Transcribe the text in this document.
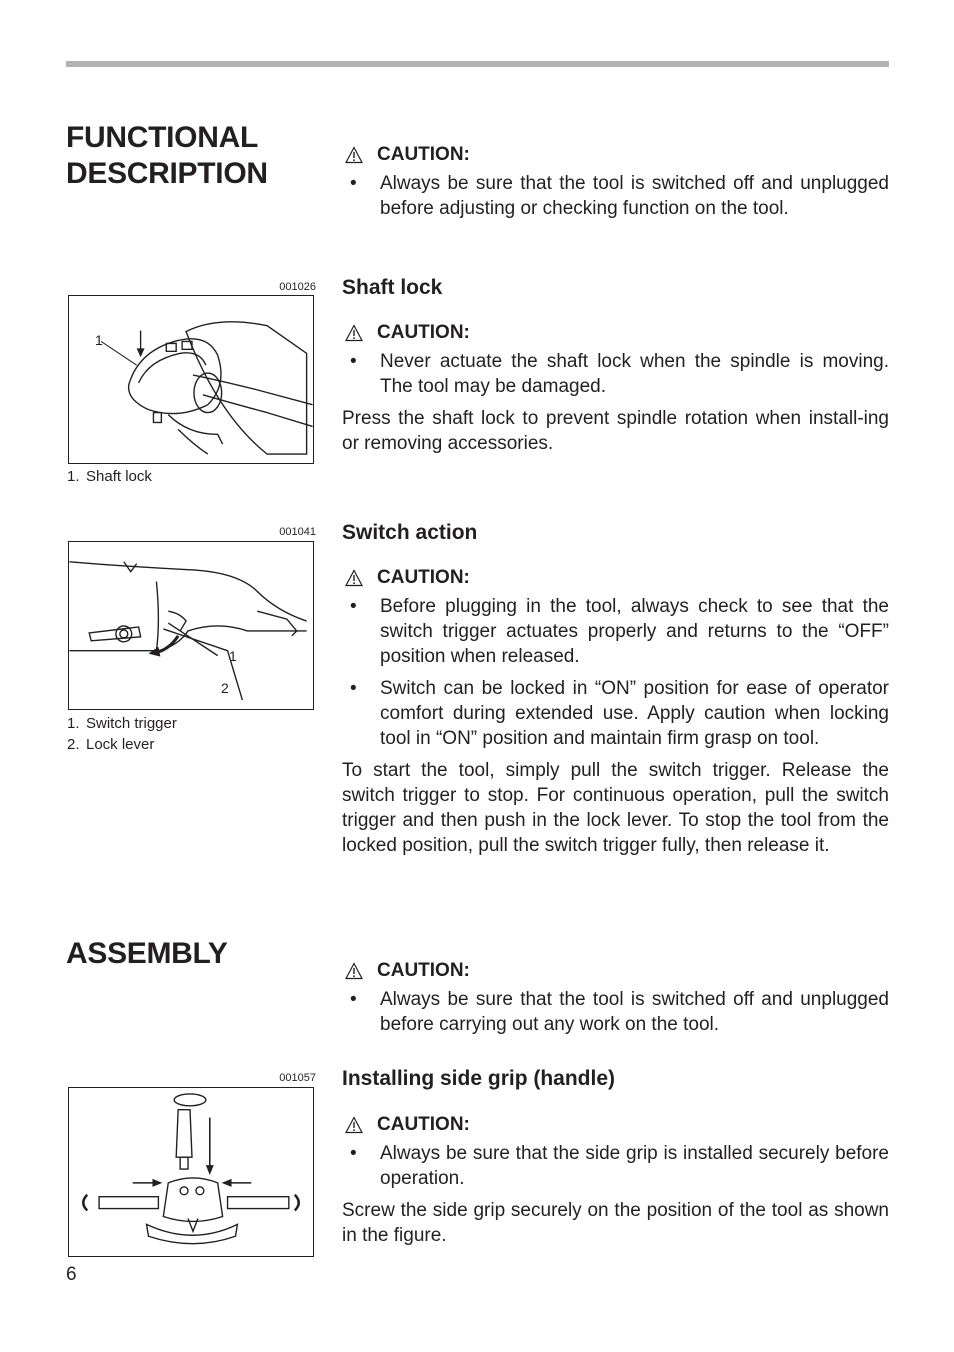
FUNCTIONAL DESCRIPTION
ASSEMBLY
001026
1
1. Shaft lock
001041
1
2
1. Switch trigger
2. Lock lever
001057
CAUTION:
• Always be sure that the tool is switched off and unplugged before adjusting or checking function on the tool.
Shaft lock
CAUTION:
• Never actuate the shaft lock when the spindle is moving. The tool may be damaged.
Press the shaft lock to prevent spindle rotation when install-ing or removing accessories.
Switch action
CAUTION:
• Before plugging in the tool, always check to see that the switch trigger actuates properly and returns to the “OFF” position when released.
• Switch can be locked in “ON” position for ease of operator comfort during extended use. Apply caution when locking tool in “ON” position and maintain firm grasp on tool.
To start the tool, simply pull the switch trigger. Release the switch trigger to stop. For continuous operation, pull the switch trigger and then push in the lock lever. To stop the tool from the locked position, pull the switch trigger fully, then release it.
CAUTION:
• Always be sure that the tool is switched off and unplugged before carrying out any work on the tool.
Installing side grip (handle)
CAUTION:
• Always be sure that the side grip is installed securely before operation.
Screw the side grip securely on the position of the tool as shown in the figure.
6
